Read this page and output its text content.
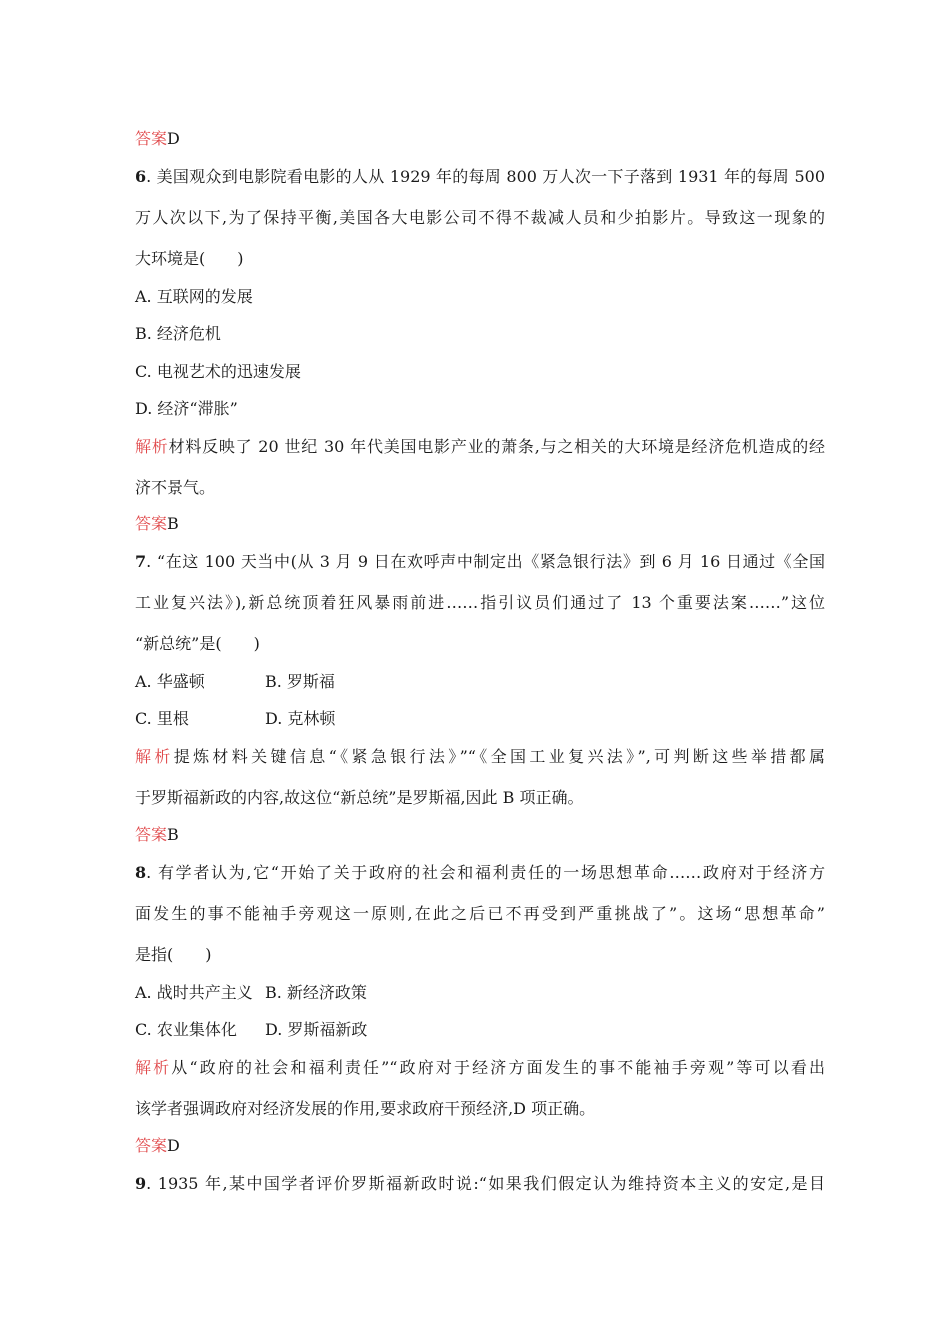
答案D
6. 美国观众到电影院看电影的人从 1929 年的每周 800 万人次一下子落到 1931 年的每周 500
万人次以下,为了保持平衡,美国各大电影公司不得不裁减人员和少拍影片。导致这一现象的
大环境是(　　)
A. 互联网的发展
B. 经济危机
C. 电视艺术的迅速发展
D. 经济“滞胀”
解析材料反映了 20 世纪 30 年代美国电影产业的萧条,与之相关的大环境是经济危机造成的经
济不景气。
答案B
7. “在这 100 天当中(从 3 月 9 日在欢呼声中制定出《紧急银行法》到 6 月 16 日通过《全国
工业复兴法》),新总统顶着狂风暴雨前进……指引议员们通过了 13 个重要法案……”这位
“新总统”是(　　)
A. 华盛顿	B. 罗斯福
C. 里根	D. 克林顿
解析提炼材料关键信息“《紧急银行法》”“《全国工业复兴法》”,可判断这些举措都属
于罗斯福新政的内容,故这位“新总统”是罗斯福,因此 B 项正确。
答案B
8. 有学者认为,它“开始了关于政府的社会和福利责任的一场思想革命……政府对于经济方
面发生的事不能袖手旁观这一原则,在此之后已不再受到严重挑战了”。这场“思想革命”
是指(　　)
A. 战时共产主义 B. 新经济政策
C. 农业集体化 D. 罗斯福新政
解析从“政府的社会和福利责任”“政府对于经济方面发生的事不能袖手旁观”等可以看出
该学者强调政府对经济发展的作用,要求政府干预经济,D 项正确。
答案D
9. 1935 年,某中国学者评价罗斯福新政时说:“如果我们假定认为维持资本主义的安定,是目
